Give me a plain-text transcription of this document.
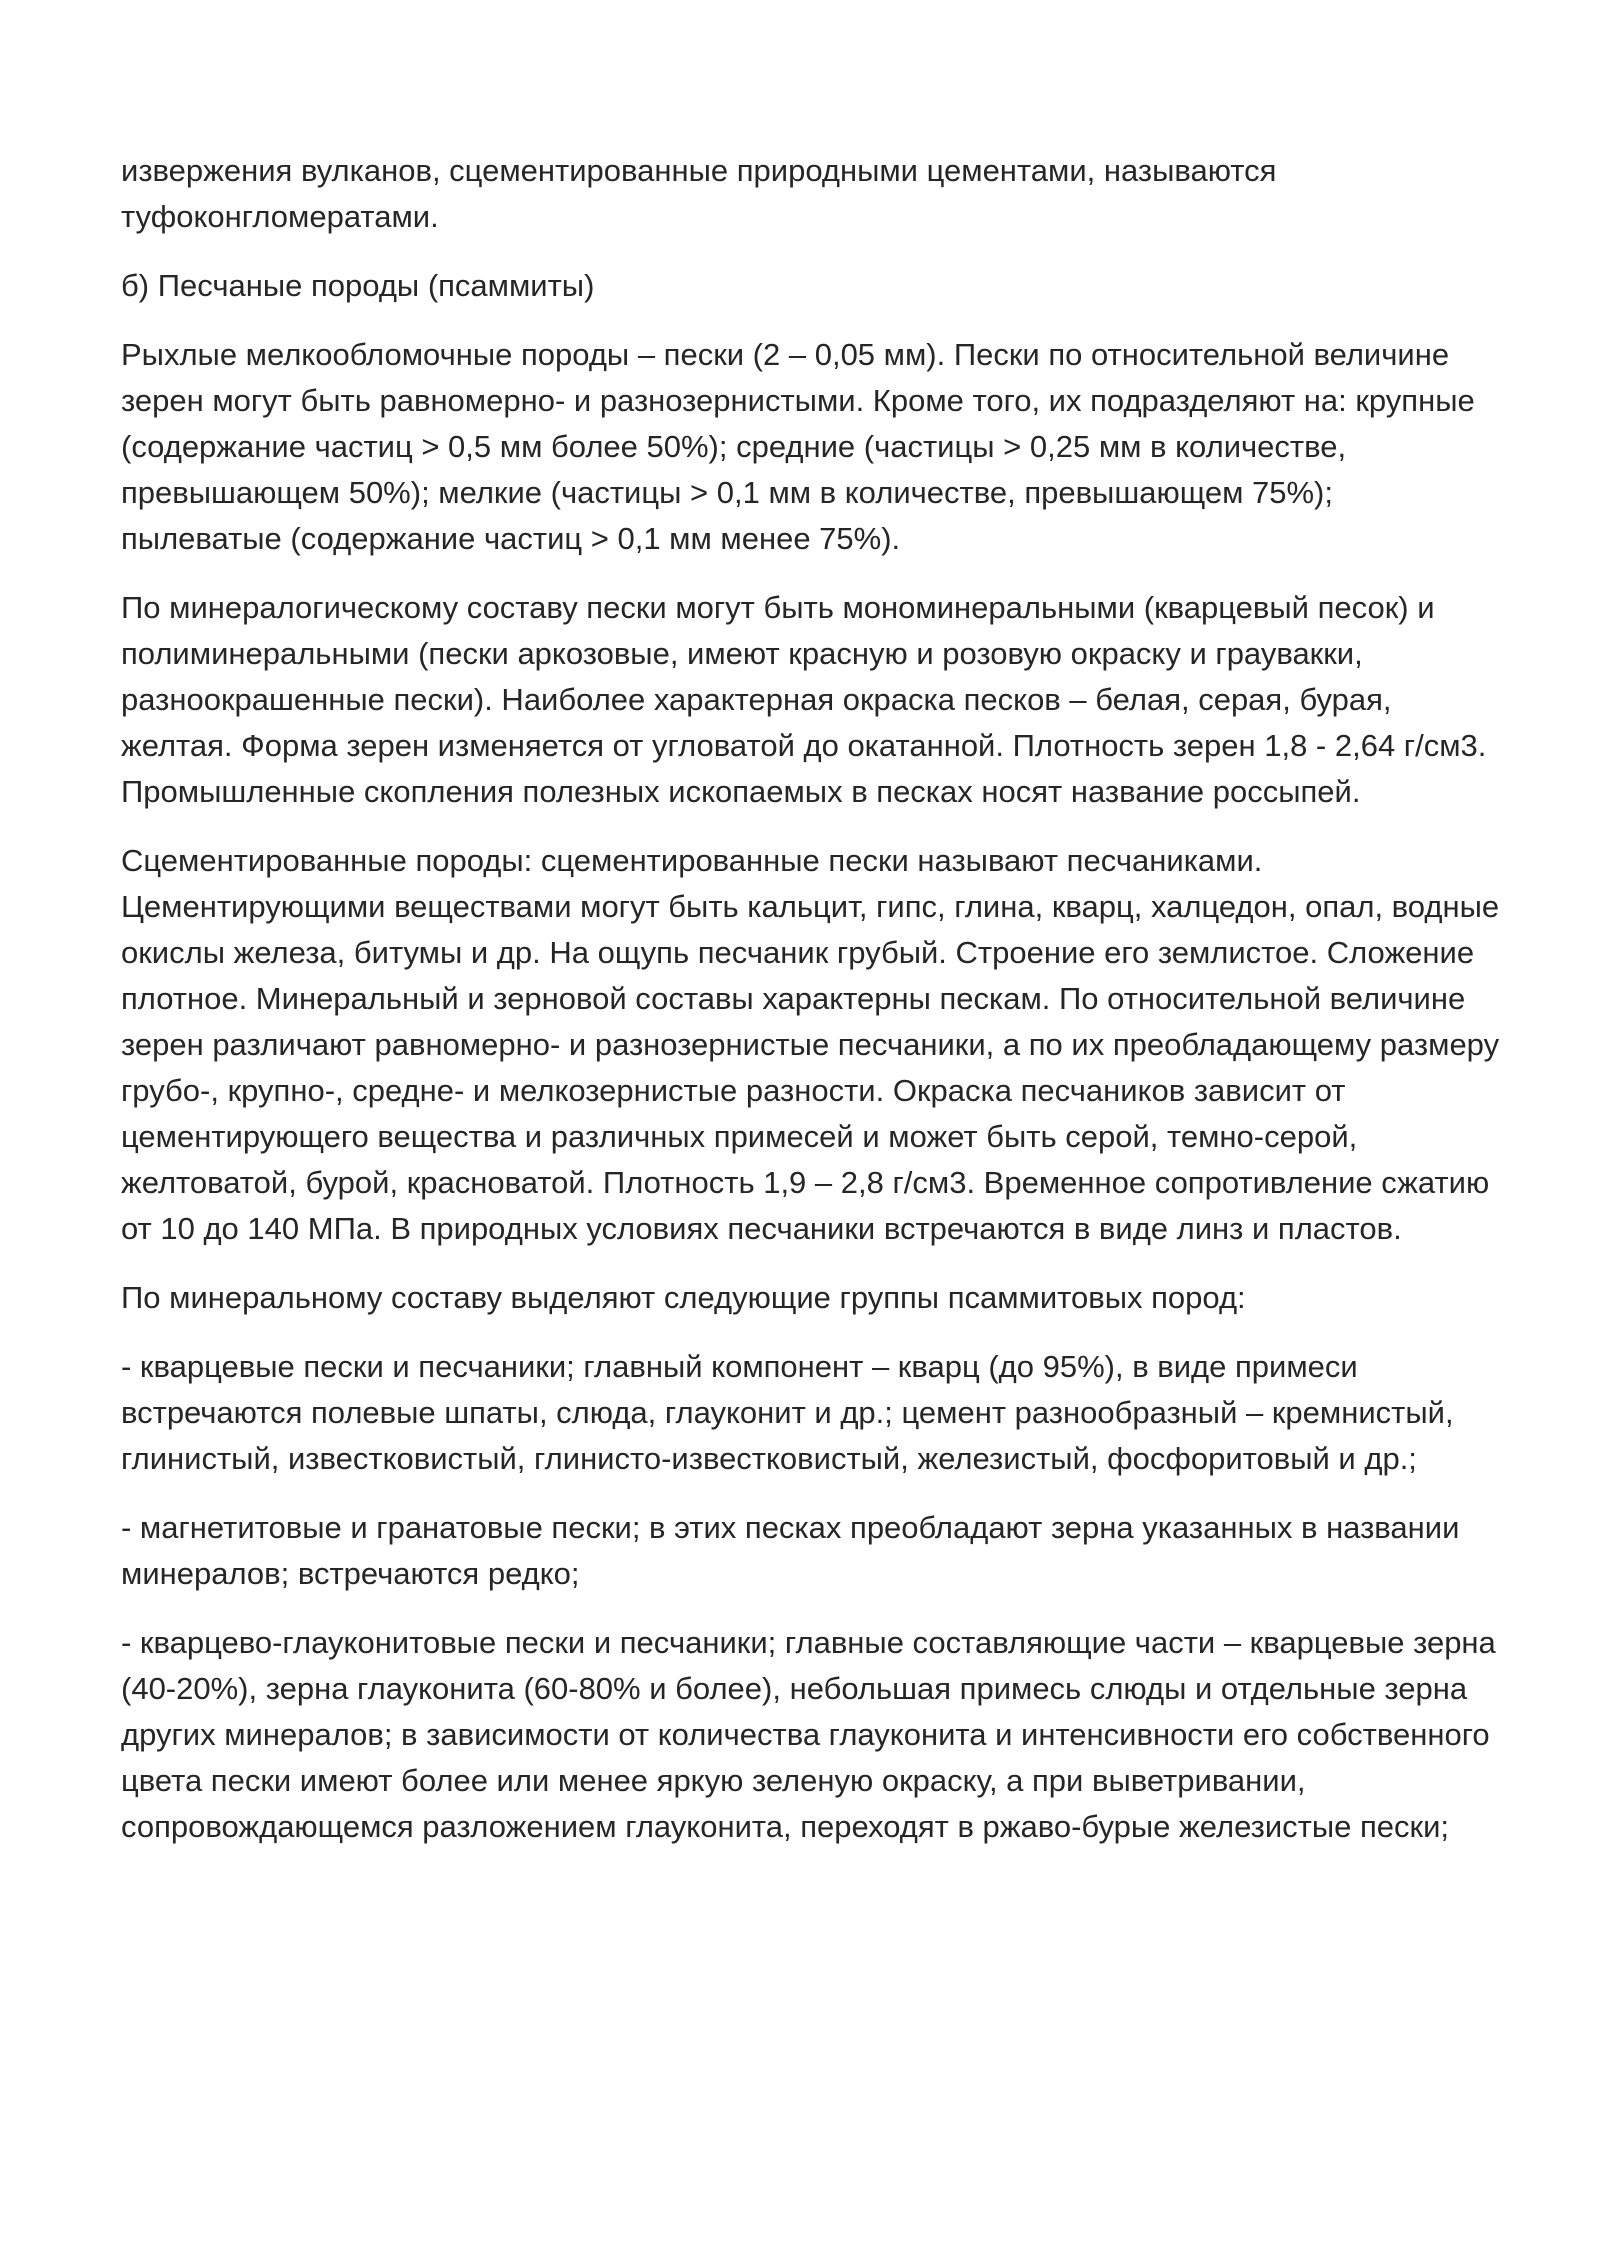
извержения вулканов, сцементированные природными цементами, называются туфоконгломератами.

б) Песчаные породы (псаммиты)

Рыхлые мелкообломочные породы – пески (2 – 0,05 мм). Пески по относительной величине зерен могут быть равномерно- и разнозернистыми. Кроме того, их подразделяют на: крупные (содержание частиц > 0,5 мм более 50%); средние (частицы > 0,25 мм в количестве, превышающем 50%); мелкие (частицы > 0,1 мм в количестве, превышающем 75%); пылеватые (содержание частиц > 0,1 мм менее 75%).

По минералогическому составу пески могут быть мономинеральными (кварцевый песок) и полиминеральными (пески аркозовые, имеют красную и розовую окраску и граувакки, разноокрашенные пески). Наиболее характерная окраска песков – белая, серая, бурая, желтая. Форма зерен изменяется от угловатой до окатанной. Плотность зерен 1,8 - 2,64 г/см3. Промышленные скопления полезных ископаемых в песках носят название россыпей.

Сцементированные породы: сцементированные пески называют песчаниками. Цементирующими веществами могут быть кальцит, гипс, глина, кварц, халцедон, опал, водные окислы железа, битумы и др. На ощупь песчаник грубый. Строение его землистое. Сложение плотное. Минеральный и зерновой составы характерны пескам. По относительной величине зерен различают равномерно- и разнозернистые песчаники, а по их преобладающему размеру грубо-, крупно-, средне- и мелкозернистые разности. Окраска песчаников зависит от цементирующего вещества и различных примесей и может быть серой, темно-серой, желтоватой, бурой, красноватой. Плотность 1,9 – 2,8 г/см3. Временное сопротивление сжатию от 10 до 140 МПа. В природных условиях песчаники встречаются в виде линз и пластов.

По минеральному составу выделяют следующие группы псаммитовых пород:

- кварцевые пески и песчаники; главный компонент – кварц (до 95%), в виде примеси встречаются полевые шпаты, слюда, глауконит и др.; цемент разнообразный – кремнистый, глинистый, известковистый, глинисто-известковистый, железистый, фосфоритовый и др.;

- магнетитовые и гранатовые пески; в этих песках преобладают зерна указанных в названии минералов; встречаются редко;

- кварцево-глауконитовые пески и песчаники; главные составляющие части – кварцевые зерна (40-20%), зерна глауконита (60-80% и более), небольшая примесь слюды и отдельные зерна других минералов; в зависимости от количества глауконита и интенсивности его собственного цвета пески имеют более или менее яркую зеленую окраску, а при выветривании, сопровождающемся разложением глауконита, переходят в ржаво-бурые железистые пески;
